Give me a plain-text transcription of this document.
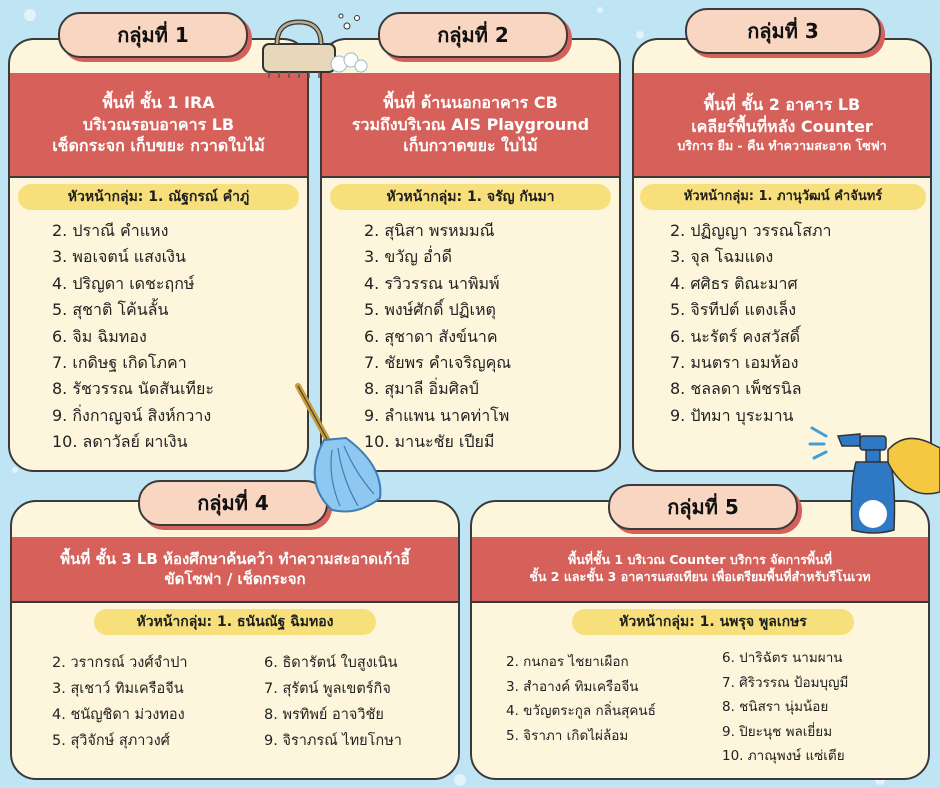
พื้นที่ ชั้น 1 IRA
บริเวณรอบอาคาร LB
เช็ดกระจก เก็บขยะ กวาดใบไม้
หัวหน้ากลุ่ม: 1. ณัฐกรณ์ คำภู่
2. ปราณี คำแหง
3. พอเจตน์ แสงเงิน
4. ปริญดา เดชะฤกษ์
5. สุชาติ โค้นลั้น
6. จิม ฉิมทอง
7. เกดิษฐ เกิดโภคา
8. รัชวรรณ นัดสันเทียะ
9. กิ่งกาญจน์ สิงห์กวาง
10. ลดาวัลย์ ผาเงิน
กลุ่มที่ 1
พื้นที่ ด้านนอกอาคาร CB
รวมถึงบริเวณ AIS Playground
เก็บกวาดขยะ ใบไม้
หัวหน้ากลุ่ม: 1. จรัญ กันมา
2. สุนิสา พรหมมณี
3. ขวัญ อ่ำดี
4. รวิวรรณ นาพิมพ์
5. พงษ์ศักดิ์ ปฏิเหตุ
6. สุชาดา สังข์นาค
7. ชัยพร คำเจริญคุณ
8. สุมาลี อิ่มศิลป์
9. ลำแพน นาคท่าโพ
10. มานะชัย เปียมี
กลุ่มที่ 2
พื้นที่ ชั้น 2 อาคาร LB
เคลียร์พื้นที่หลัง Counter
บริการ ยืม - คืน ทำความสะอาด โซฟา
หัวหน้ากลุ่ม: 1. ภานุวัฒน์ คำจันทร์
2. ปฏิญญา วรรณโสภา
3. จุล โฉมแดง
4. ศศิธร ติณะมาศ
5. จิรทีปต์ แตงเล็ง
6. นะรัตร์ คงสวัสดิ์
7. มนตรา เอมห้อง
8. ชลลดา เพ็ชรนิล
9. ปัทมา บุระมาน
กลุ่มที่ 3
พื้นที่ ชั้น 3 LB ห้องศึกษาค้นคว้า ทำความสะอาดเก้าอี้
ขัดโซฟา / เช็ดกระจก
หัวหน้ากลุ่ม: 1. ธนันณัฐ ฉิมทอง
2. วรากรณ์ วงศ์จำปา
3. สุเชาว์ ทิมเครือจีน
4. ชนัญชิดา ม่วงทอง
5. สุวิจักษ์ สุภาวงศ์
6. ธิดารัตน์ ใบสูงเนิน
7. สุรัตน์ พูลเขตร์กิจ
8. พรทิพย์ อาจวิชัย
9. จิราภรณ์ ไทยโกษา
กลุ่มที่ 4
พื้นที่ชั้น 1 บริเวณ Counter บริการ จัดการพื้นที่
ชั้น 2 และชั้น 3 อาคารแสงเทียน เพื่อเตรียมพื้นที่สำหรับรีโนเวท
หัวหน้ากลุ่ม: 1. นพรุจ พูลเกษร
2. กนกอร ไชยาเผือก
3. สำอางค์ ทิมเครือจีน
4. ขวัญตระกูล กลิ่นสุคนธ์
5. จิราภา เกิดไผ่ล้อม
6. ปาริฉัตร นามผาน
7. ศิริวรรณ ป้อมบุญมี
8. ชนิสรา นุ่มน้อย
9. ปิยะนุช พลเยี่ยม
10. ภาณุพงษ์ แซ่เตีย
กลุ่มที่ 5
